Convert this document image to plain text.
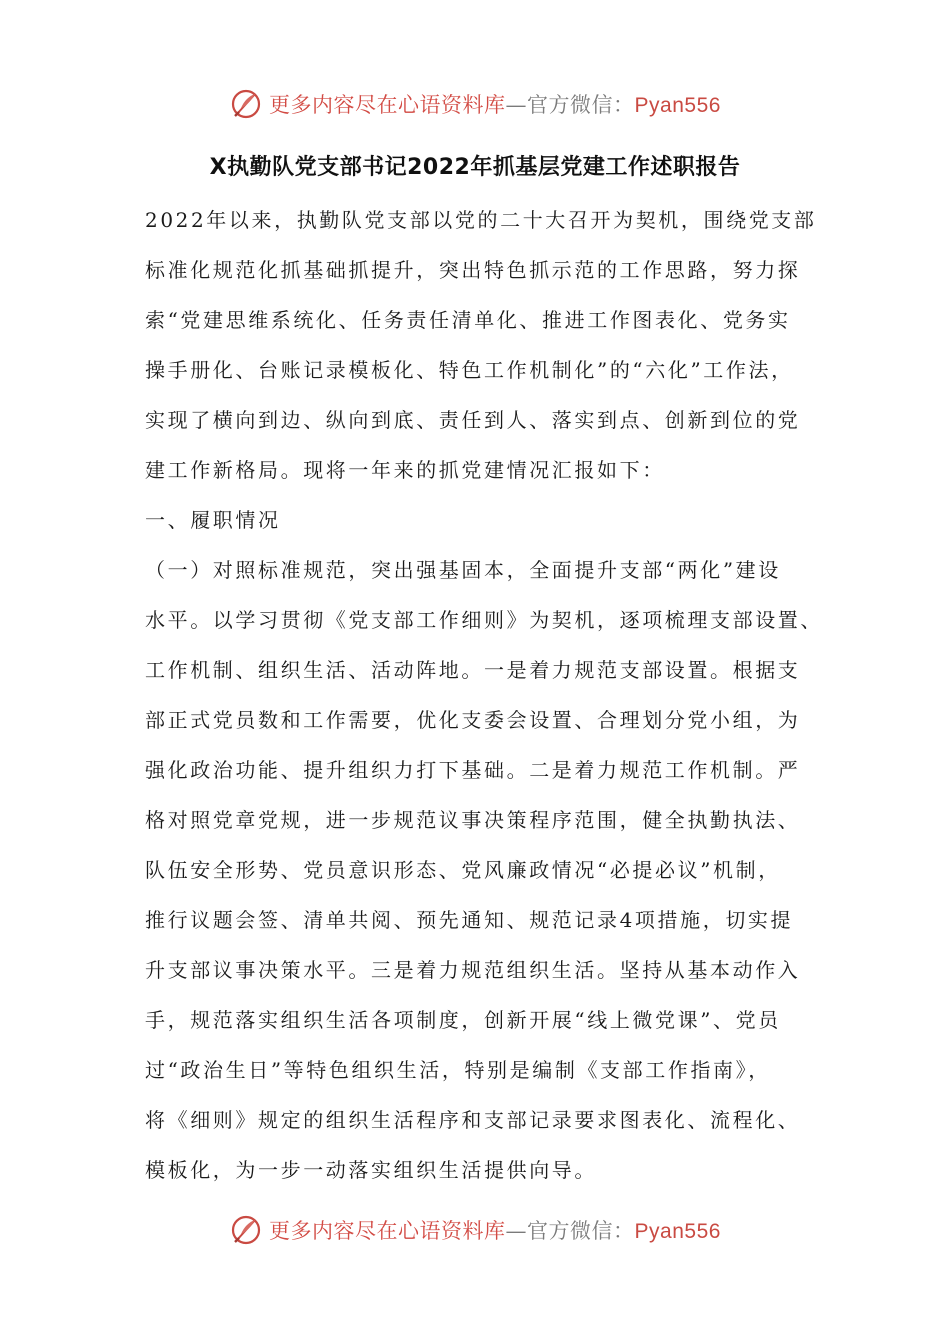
更多内容尽在心语资料库—官方微信：Pyan556
X执勤队党支部书记2022年抓基层党建工作述职报告
2022年以来，执勤队党支部以党的二十大召开为契机，围绕党支部
标准化规范化抓基础抓提升，突出特色抓示范的工作思路，努力探
索“党建思维系统化、任务责任清单化、推进工作图表化、党务实
操手册化、台账记录模板化、特色工作机制化”的“六化”工作法，
实现了横向到边、纵向到底、责任到人、落实到点、创新到位的党
建工作新格局。现将一年来的抓党建情况汇报如下：
一、履职情况
（一）对照标准规范，突出强基固本，全面提升支部“两化”建设
水平。以学习贯彻《党支部工作细则》为契机，逐项梳理支部设置、
工作机制、组织生活、活动阵地。一是着力规范支部设置。根据支
部正式党员数和工作需要，优化支委会设置、合理划分党小组，为
强化政治功能、提升组织力打下基础。二是着力规范工作机制。严
格对照党章党规，进一步规范议事决策程序范围，健全执勤执法、
队伍安全形势、党员意识形态、党风廉政情况“必提必议”机制，
推行议题会签、清单共阅、预先通知、规范记录4项措施，切实提
升支部议事决策水平。三是着力规范组织生活。坚持从基本动作入
手，规范落实组织生活各项制度，创新开展“线上微党课”、党员
过“政治生日”等特色组织生活，特别是编制《支部工作指南》，
将《细则》规定的组织生活程序和支部记录要求图表化、流程化、
模板化，为一步一动落实组织生活提供向导。
更多内容尽在心语资料库—官方微信：Pyan556
